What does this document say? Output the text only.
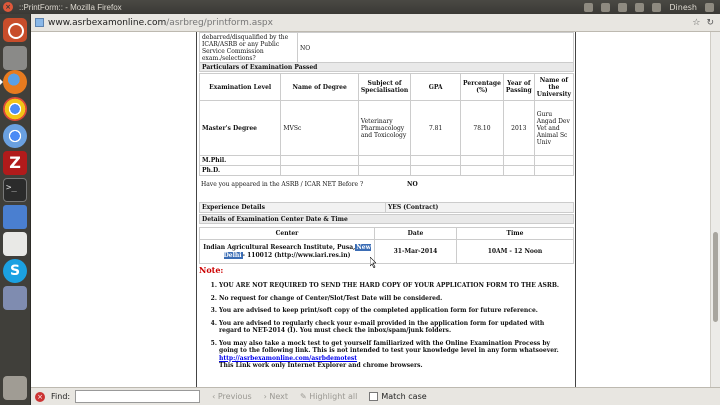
× ::PrintForm:: - Mozilla Firefox	Dinesh
Z
>_
S
www.asrbexamonline.com/asrbreg/printform.aspx	☆ ↻
debarred/disqualified by the ICAR/ASRB or any Public Service Commission exam./selections?	NO
Particulars of Examination Passed
Examination Level	Name of Degree	Subject of Specialisation	GPA	Percentage (%)	Year of Passing	Name of the University
Master's Degree	MVSc	Veterinary Pharmacology and Toxicology	7.81	78.10	2013	Guru Angad Dev Vet and Animal Sc Univ
M.Phil.						
Ph.D.						
Have you appeared in the ASRB / ICAR NET Before ?	NO
Experience Details	YES (Contract)
Details of Examination Center Date & Time
Center	Date	Time
Indian Agricultural Research Institute, Pusa,New Delhi- 110012 (http://www.iari.res.in)	31-Mar-2014	10AM - 12 Noon
Note:
1. YOU ARE NOT REQUIRED TO SEND THE HARD COPY OF YOUR APPLICATION FORM TO THE ASRB.
2. No request for change of Center/Slot/Test Date will be considered.
3. You are advised to keep print/soft copy of the completed application form for future reference.
4. You are advised to regularly check your e-mail provided in the application form for updated with regard to NET-2014 (I). You must check the inbox/spam/junk folders.
5. You may also take a mock test to get yourself familiarized with the Online Examination Process by going to the following link. This is not intended to test your knowledge level in any form whatsoever. http://asrbexamonline.com/asrbdemotest
This Link work only Internet Explorer and chrome browsers.
× Find:	‹ Previous › Next ✎ Highlight all	Match case
